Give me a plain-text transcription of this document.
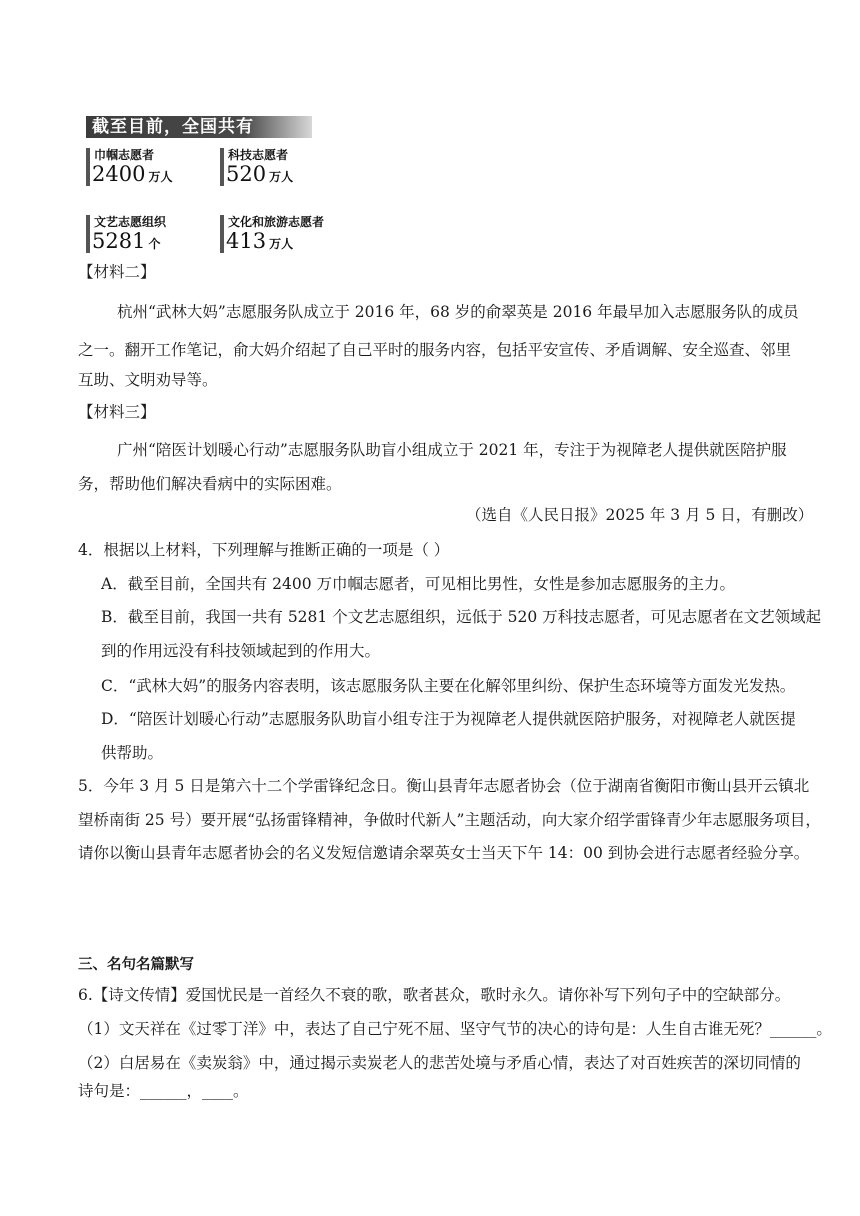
截至目前，全国共有
巾帼志愿者
2400 万人
科技志愿者
520 万人
文艺志愿组织
5281 个
文化和旅游志愿者
413 万人
【材料二】
杭州“武林大妈”志愿服务队成立于 2016 年，68 岁的俞翠英是 2016 年最早加入志愿服务队的成员
之一。翻开工作笔记，俞大妈介绍起了自己平时的服务内容，包括平安宣传、矛盾调解、安全巡查、邻里
互助、文明劝导等。
【材料三】
广州“陪医计划暖心行动”志愿服务队助盲小组成立于 2021 年，专注于为视障老人提供就医陪护服
务，帮助他们解决看病中的实际困难。
（选自《人民日报》2025 年 3 月 5 日，有删改）
4．根据以上材料，下列理解与推断正确的一项是（ ）
A．截至目前，全国共有 2400 万巾帼志愿者，可见相比男性，女性是参加志愿服务的主力。
B．截至目前，我国一共有 5281 个文艺志愿组织，远低于 520 万科技志愿者，可见志愿者在文艺领域起
到的作用远没有科技领域起到的作用大。
C．“武林大妈”的服务内容表明，该志愿服务队主要在化解邻里纠纷、保护生态环境等方面发光发热。
D．“陪医计划暖心行动”志愿服务队助盲小组专注于为视障老人提供就医陪护服务，对视障老人就医提
供帮助。
5．今年 3 月 5 日是第六十二个学雷锋纪念日。衡山县青年志愿者协会（位于湖南省衡阳市衡山县开云镇北
望桥南街 25 号）要开展“弘扬雷锋精神，争做时代新人”主题活动，向大家介绍学雷锋青少年志愿服务项目，
请你以衡山县青年志愿者协会的名义发短信邀请余翠英女士当天下午 14：00 到协会进行志愿者经验分享。
三、名句名篇默写
6.【诗文传情】爱国忧民是一首经久不衰的歌，歌者甚众，歌时永久。请你补写下列句子中的空缺部分。
（1）文天祥在《过零丁洋》中，表达了自己宁死不屈、坚守气节的决心的诗句是：人生自古谁无死？______。
（2）白居易在《卖炭翁》中，通过揭示卖炭老人的悲苦处境与矛盾心情，表达了对百姓疾苦的深切同情的
诗句是：______，____。
